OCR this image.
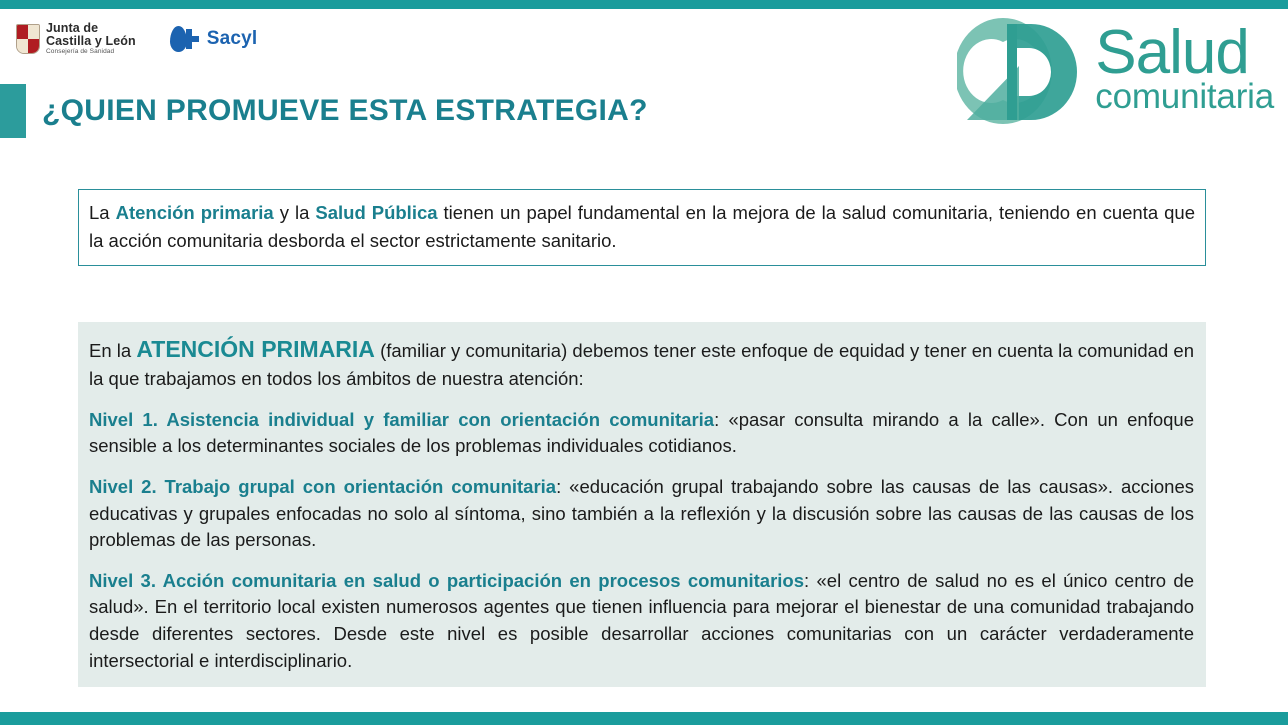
Junta de
Castilla y León
Consejería de Sanidad
Sacyl	Salud
comunitaria
¿QUIEN PROMUEVE ESTA ESTRATEGIA?

La Atención primaria y la Salud Pública tienen un papel fundamental en la mejora de la salud comunitaria, teniendo en cuenta que la acción comunitaria desborda el sector estrictamente sanitario.

En la ATENCIÓN PRIMARIA (familiar y comunitaria) debemos tener este enfoque de equidad y tener en cuenta la comunidad en la que trabajamos en todos los ámbitos de nuestra atención:

Nivel 1. Asistencia individual y familiar con orientación comunitaria: «pasar consulta mirando a la calle». Con un enfoque sensible a los determinantes sociales de los problemas individuales cotidianos.

Nivel 2. Trabajo grupal con orientación comunitaria: «educación grupal trabajando sobre las causas de las causas». acciones educativas y grupales enfocadas no solo al síntoma, sino también a la reflexión y la discusión sobre las causas de las causas de los problemas de las personas.

Nivel 3. Acción comunitaria en salud o participación en procesos comunitarios: «el centro de salud no es el único centro de salud». En el territorio local existen numerosos agentes que tienen influencia para mejorar el bienestar de una comunidad trabajando desde diferentes sectores. Desde este nivel es posible desarrollar acciones comunitarias con un carácter verdaderamente intersectorial e interdisciplinario.
